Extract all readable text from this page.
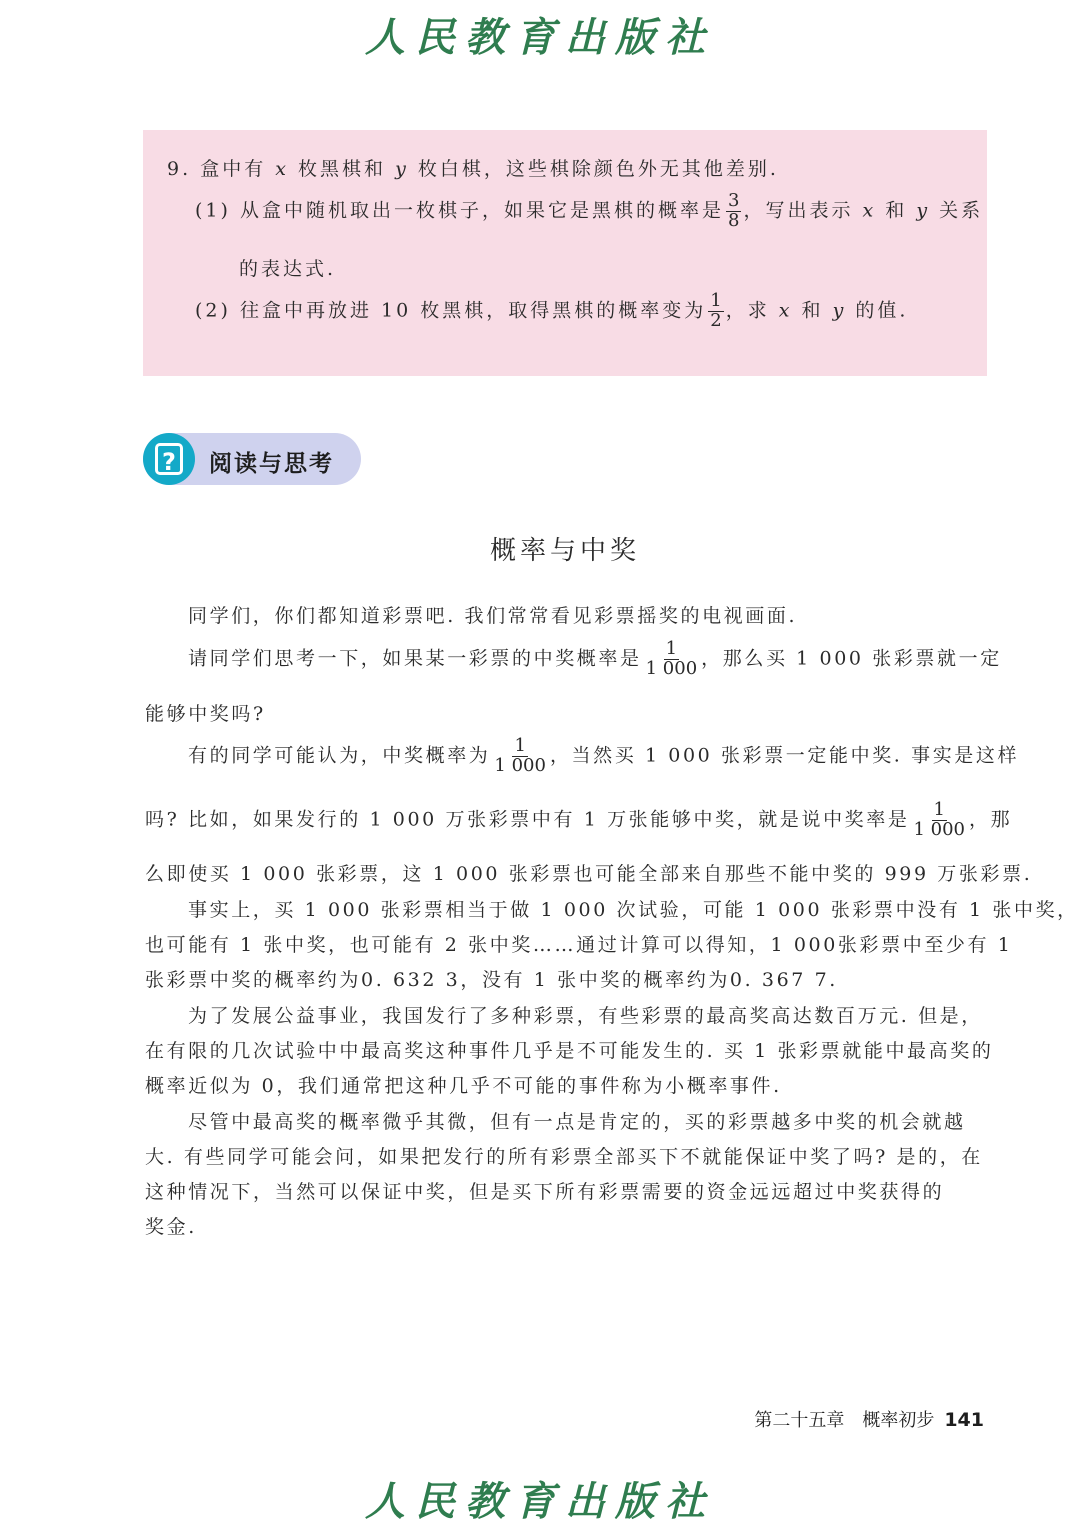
人民教育出版社
9. 盒中有 x 枚黑棋和 y 枚白棋，这些棋除颜色外无其他差别.
(1) 从盒中随机取出一枚棋子，如果它是黑棋的概率是 $\frac{3}{8}$ ，写出表示 x 和 y 关系
的表达式.
(2) 往盒中再放进 10 枚黑棋，取得黑棋的概率变为 $\frac{1}{2}$ ，求 x 和 y 的值.
?	阅读与思考
概率与中奖
同学们，你们都知道彩票吧. 我们常常看见彩票摇奖的电视画面.
请同学们思考一下，如果某一彩票的中奖概率是 $\frac{1}{1 000}$ ，那么买 1 000 张彩票就一定
能够中奖吗?
有的同学可能认为，中奖概率为 $\frac{1}{1 000}$ ，当然买 1 000 张彩票一定能中奖. 事实是这样
吗? 比如，如果发行的 1 000 万张彩票中有 1 万张能够中奖，就是说中奖率是 $\frac{1}{1 000}$ ，那
么即使买 1 000 张彩票，这 1 000 张彩票也可能全部来自那些不能中奖的 999 万张彩票.
事实上，买 1 000 张彩票相当于做 1 000 次试验，可能 1 000 张彩票中没有 1 张中奖，
也可能有 1 张中奖，也可能有 2 张中奖……通过计算可以得知，1 000张彩票中至少有 1
张彩票中奖的概率约为0. 632 3，没有 1 张中奖的概率约为0. 367 7.
为了发展公益事业，我国发行了多种彩票，有些彩票的最高奖高达数百万元. 但是，
在有限的几次试验中中最高奖这种事件几乎是不可能发生的. 买 1 张彩票就能中最高奖的
概率近似为 0，我们通常把这种几乎不可能的事件称为小概率事件.
尽管中最高奖的概率微乎其微，但有一点是肯定的，买的彩票越多中奖的机会就越
大. 有些同学可能会问，如果把发行的所有彩票全部买下不就能保证中奖了吗? 是的，在
这种情况下，当然可以保证中奖，但是买下所有彩票需要的资金远远超过中奖获得的
奖金.
第二十五章　概率初步 141
人民教育出版社
